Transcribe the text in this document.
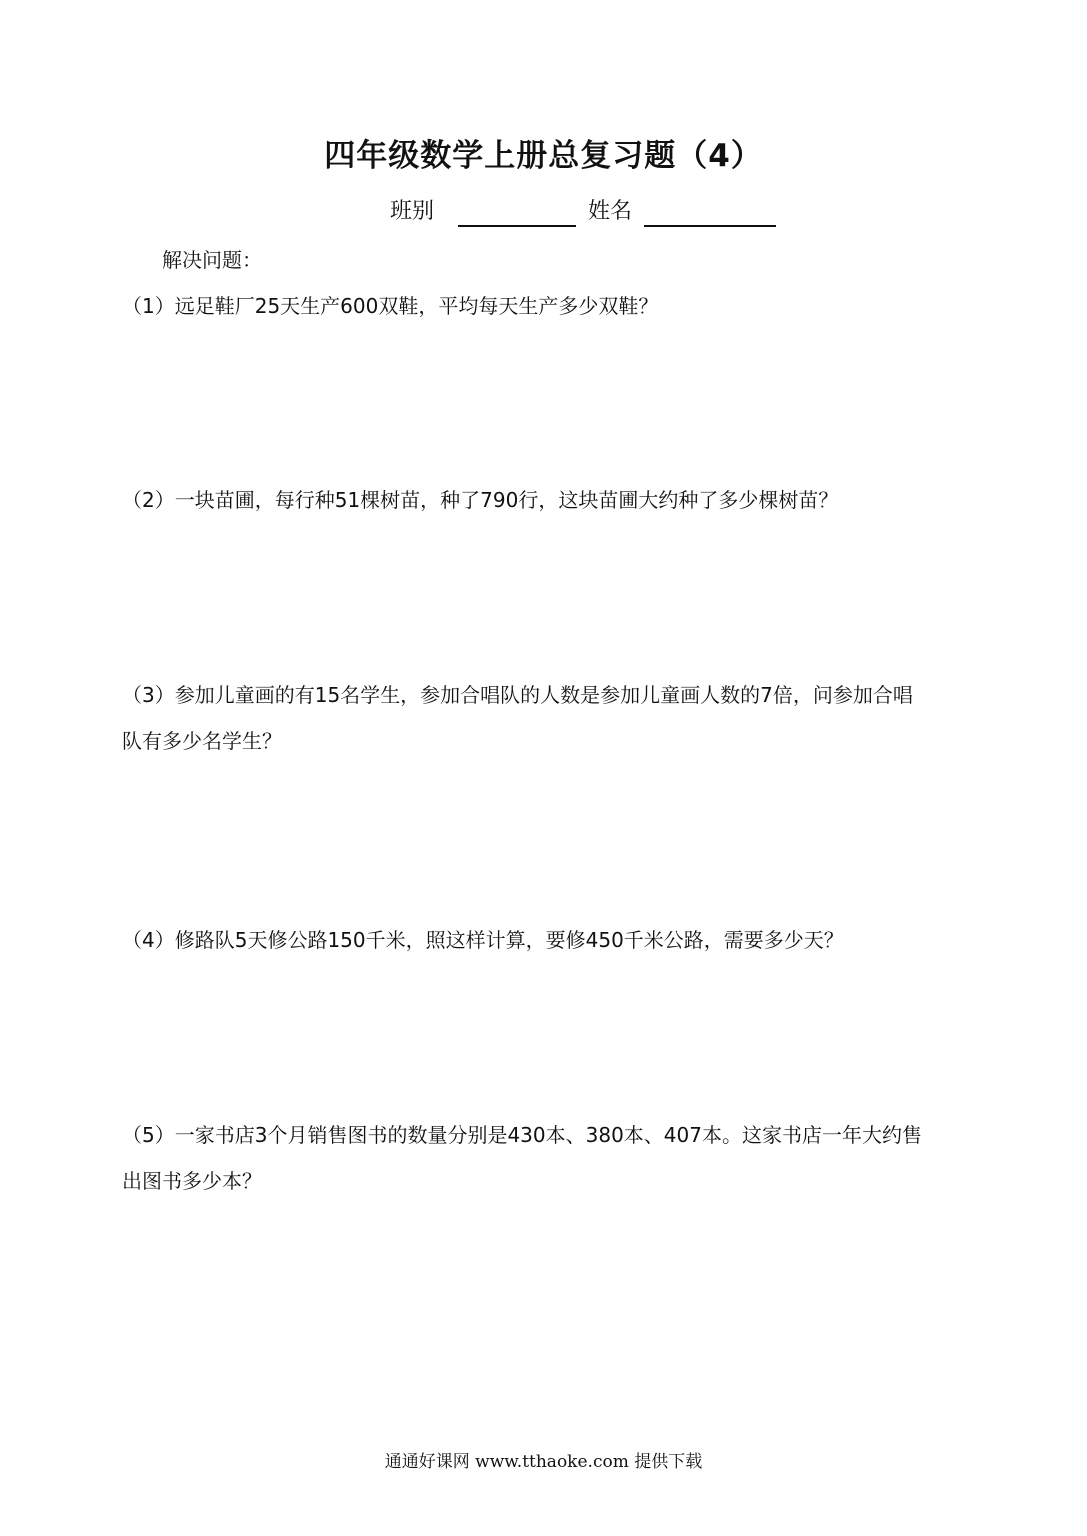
四年级数学上册总复习题（4）
班别	姓名
解决问题：
（1）远足鞋厂25天生产600双鞋，平均每天生产多少双鞋？
（2）一块苗圃，每行种51棵树苗，种了790行，这块苗圃大约种了多少棵树苗？
（3）参加儿童画的有15名学生，参加合唱队的人数是参加儿童画人数的7倍，问参加合唱
队有多少名学生？
（4）修路队5天修公路150千米，照这样计算，要修450千米公路，需要多少天？
（5）一家书店3个月销售图书的数量分别是430本、380本、407本。这家书店一年大约售
出图书多少本？
通通好课网 www.tthaoke.com 提供下载
